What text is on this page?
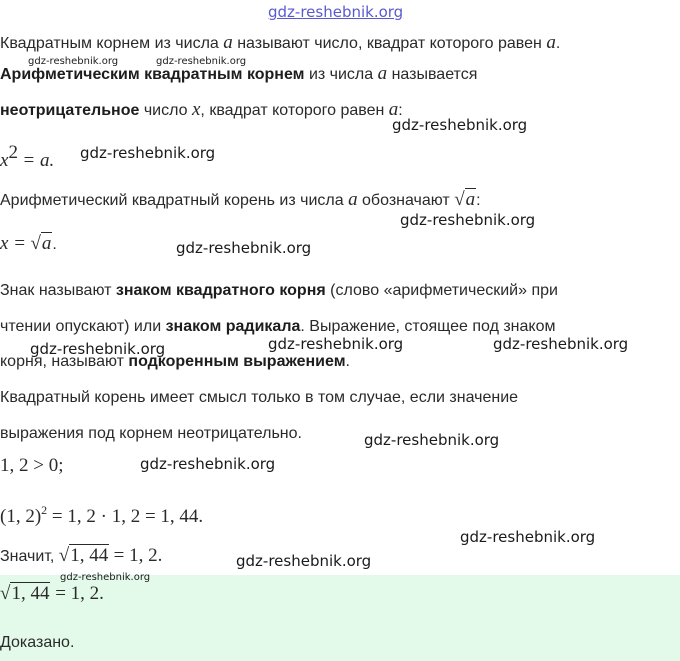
gdz-reshebnik.org
Квадратным корнем из числа a называют число, квадрат которого равен a.
gdz-reshebnik.org	gdz-reshebnik.org
Арифметическим квадратным корнем из числа a называется
неотрицательное число x, квадрат которого равен a:
gdz-reshebnik.org
$x^2 = a$. gdz-reshebnik.org
Арифметический квадратный корень из числа a обозначают √a:
gdz-reshebnik.org
x = √a.	gdz-reshebnik.org
Знак называют знаком квадратного корня (слово «арифметический» при
чтении опускают) или знаком радикала. Выражение, стоящее под знаком
gdz-reshebnik.org	gdz-reshebnik.org	gdz-reshebnik.org
корня, называют подкоренным выражением.
Квадратный корень имеет смысл только в том случае, если значение
выражения под корнем неотрицательно.	gdz-reshebnik.org
1, 2 > 0;	gdz-reshebnik.org
(1, 2)$^2$ = 1, 2 · 1, 2 = 1, 44.
gdz-reshebnik.org
Значит, √1, 44 = 1, 2.	gdz-reshebnik.org
gdz-reshebnik.org
√1, 44 = 1, 2.
Доказано.
